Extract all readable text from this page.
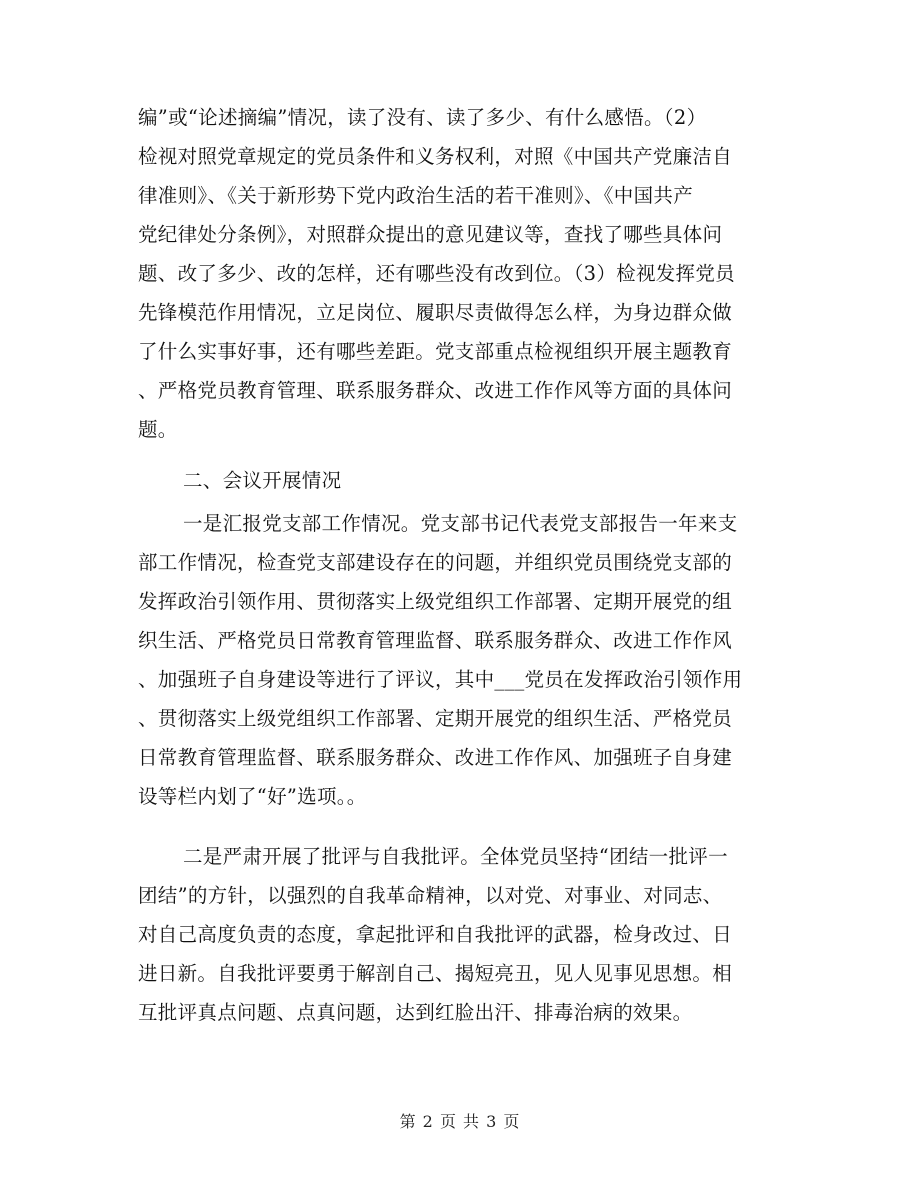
编”或“论述摘编”情况，读了没有、读了多少、有什么感悟。（2）
检视对照党章规定的党员条件和义务权利，对照《中国共产党廉洁自
律准则》、《关于新形势下党内政治生活的若干准则》、《中国共产
党纪律处分条例》，对照群众提出的意见建议等，查找了哪些具体问
题、改了多少、改的怎样，还有哪些没有改到位。（3）检视发挥党员
先锋模范作用情况，立足岗位、履职尽责做得怎么样，为身边群众做
了什么实事好事，还有哪些差距。党支部重点检视组织开展主题教育
、严格党员教育管理、联系服务群众、改进工作作风等方面的具体问
题。
二、会议开展情况
一是汇报党支部工作情况。党支部书记代表党支部报告一年来支
部工作情况，检查党支部建设存在的问题，并组织党员围绕党支部的
发挥政治引领作用、贯彻落实上级党组织工作部署、定期开展党的组
织生活、严格党员日常教育管理监督、联系服务群众、改进工作作风
、加强班子自身建设等进行了评议，其中___党员在发挥政治引领作用
、贯彻落实上级党组织工作部署、定期开展党的组织生活、严格党员
日常教育管理监督、联系服务群众、改进工作作风、加强班子自身建
设等栏内划了“好”选项。。
二是严肃开展了批评与自我批评。全体党员坚持“团结一批评一
团结”的方针，以强烈的自我革命精神，以对党、对事业、对同志、
对自己高度负责的态度，拿起批评和自我批评的武器，检身改过、日
进日新。自我批评要勇于解剖自己、揭短亮丑，见人见事见思想。相
互批评真点问题、点真问题，达到红脸出汗、排毒治病的效果。
第 2 页 共 3 页
